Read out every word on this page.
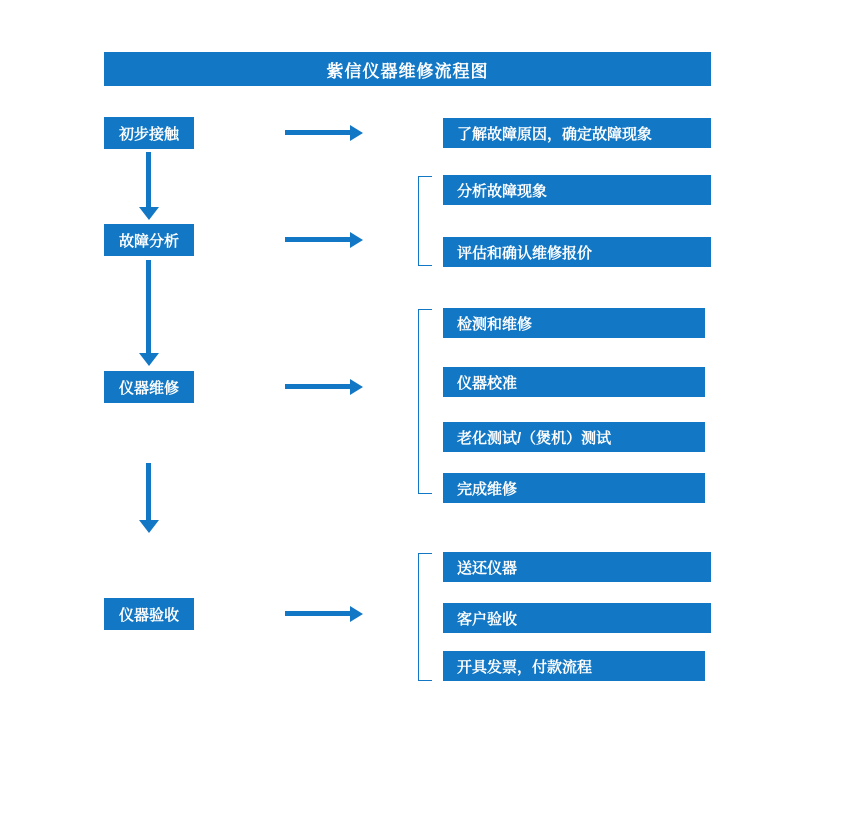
紫信仪器维修流程图
初步接触
故障分析
仪器维修
仪器验收
了解故障原因，确定故障现象
分析故障现象
评估和确认维修报价
检测和维修
仪器校准
老化测试/（煲机）测试
完成维修
送还仪器
客户验收
开具发票，付款流程
